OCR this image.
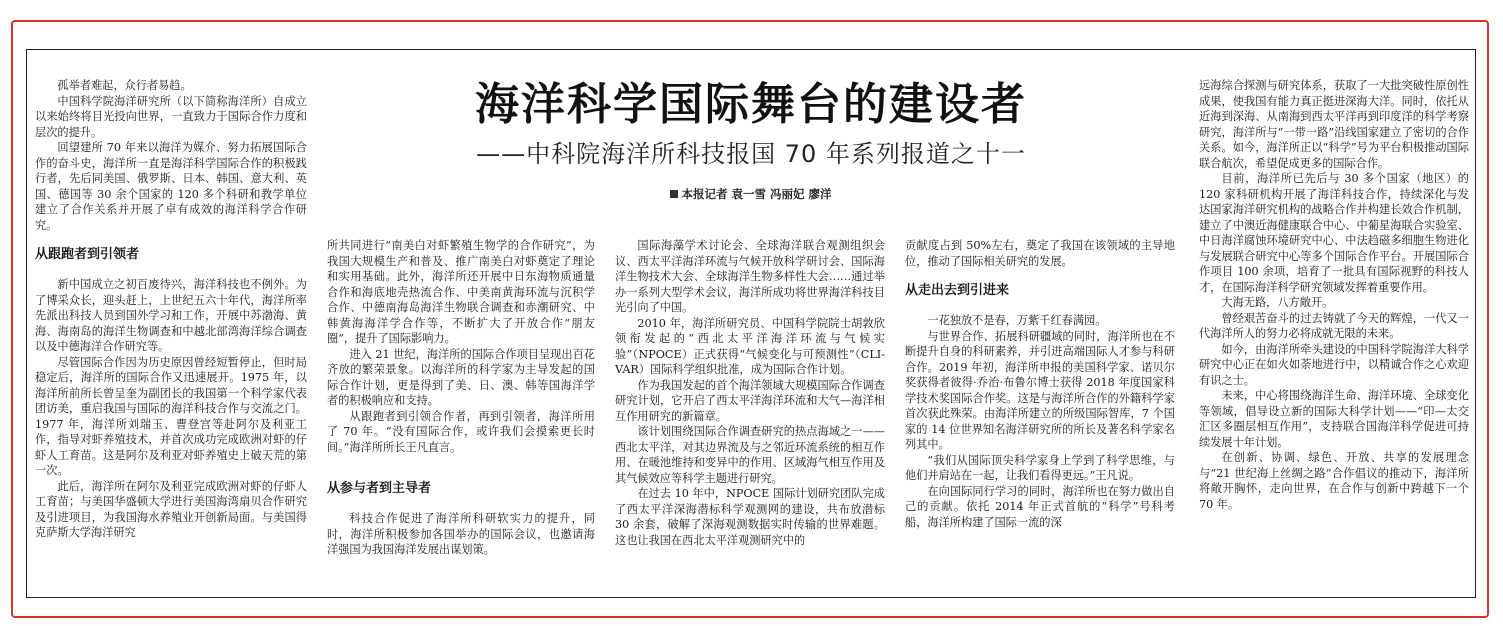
海洋科学国际舞台的建设者
——中科院海洋所科技报国 70 年系列报道之十一
本报记者 袁一雪 冯丽妃 廖洋

孤举者难起，众行者易趋。

中国科学院海洋研究所（以下简称海洋所）自成立以来始终将目光投向世界，一直致力于国际合作力度和层次的提升。

回望建所 70 年来以海洋为媒介、努力拓展国际合作的奋斗史，海洋所一直是海洋科学国际合作的积极践行者，先后同美国、俄罗斯、日本、韩国、意大利、英国、德国等 30 余个国家的 120 多个科研和教学单位建立了合作关系并开展了卓有成效的海洋科学合作研究。

从跟跑者到引领者

新中国成立之初百废待兴，海洋科技也不例外。为了博采众长，迎头赶上，上世纪五六十年代，海洋所率先派出科技人员到国外学习和工作，开展中苏渤海、黄海、海南岛的海洋生物调查和中越北部湾海洋综合调查以及中德海洋合作研究等。

尽管国际合作因为历史原因曾经短暂停止，但时局稳定后，海洋所的国际合作又迅速展开。1975 年，以海洋所前所长曾呈奎为副团长的我国第一个科学家代表团访美，重启我国与国际的海洋科技合作与交流之门。1977 年，海洋所刘瑞玉、曹登宫等赴阿尔及利亚工作，指导对虾养殖技术，并首次成功完成欧洲对虾的仔虾人工育苗。这是阿尔及利亚对虾养殖史上破天荒的第一次。

此后，海洋所在阿尔及利亚完成欧洲对虾的仔虾人工育苗；与美国华盛顿大学进行美国海湾扇贝合作研究及引进项目，为我国海水养殖业开创新局面。与美国得克萨斯大学海洋研究

所共同进行“南美白对虾繁殖生物学的合作研究”，为我国大规模生产和普及、推广南美白对虾奠定了理论和实用基础。此外，海洋所还开展中日东海物质通量合作和海底地壳热流合作、中美南黄海环流与沉积学合作、中德南海岛海洋生物联合调查和赤潮研究、中韩黄海海洋学合作等，不断扩大了开放合作“朋友圈”，提升了国际影响力。

进入 21 世纪，海洋所的国际合作项目呈现出百花齐放的繁荣景象。以海洋所的科学家为主导发起的国际合作计划，更是得到了美、日、澳、韩等国海洋学者的积极响应和支持。

从跟跑者到引领合作者，再到引领者，海洋所用了 70 年。“没有国际合作，或许我们会摸索更长时间。”海洋所所长王凡直言。

从参与者到主导者

科技合作促进了海洋所科研软实力的提升，同时，海洋所积极参加各国举办的国际会议，也邀请海洋强国为我国海洋发展出谋划策。

国际海藻学术讨论会、全球海洋联合观测组织会议、西太平洋海洋环流与气候开放科学研讨会、国际海洋生物技术大会、全球海洋生物多样性大会……通过举办一系列大型学术会议，海洋所成功将世界海洋科技目光引向了中国。

2010 年，海洋所研究员、中国科学院院士胡敦欣领衔发起的“西北太平洋海洋环流与气候实验”（NPOCE）正式获得“气候变化与可预测性”（CLI-VAR）国际科学组织批准，成为国际合作计划。

作为我国发起的首个海洋领域大规模国际合作调查研究计划，它开启了西太平洋海洋环流和大气—海洋相互作用研究的新篇章。

该计划围绕国际合作调查研究的热点海域之一——西北太平洋，对其边界流及与之邻近环流系统的相互作用、在暖池维持和变异中的作用、区域海气相互作用及其气候效应等科学主题进行研究。

在过去 10 年中，NPOCE 国际计划研究团队完成了西太平洋深海潜标科学观测网的建设，共布放潜标 30 余套，破解了深海观测数据实时传输的世界难题。这也让我国在西北太平洋观测研究中的

贡献度占到 50%左右，奠定了我国在该领域的主导地位，推动了国际相关研究的发展。

从走出去到引进来

一花独放不是春，万紫千红春满园。

与世界合作、拓展科研疆域的同时，海洋所也在不断提升自身的科研素养，并引进高端国际人才参与科研合作。2019 年初，海洋所申报的美国科学家、诺贝尔奖获得者彼得·乔治·布鲁尔博士获得 2018 年度国家科学技术奖国际合作奖。这是与海洋所合作的外籍科学家首次获此殊荣。由海洋所建立的所级国际智库，7 个国家的 14 位世界知名海洋研究所的所长及著名科学家名列其中。

“我们从国际顶尖科学家身上学到了科学思维，与他们并肩站在一起，让我们看得更远。”王凡说。

在向国际同行学习的同时，海洋所也在努力做出自己的贡献。依托 2014 年正式首航的“科学”号科考船，海洋所构建了国际一流的深

远海综合探测与研究体系，获取了一大批突破性原创性成果，使我国有能力真正挺进深海大洋。同时，依托从近海到深海、从南海到西太平洋再到印度洋的科学考察研究，海洋所与“一带一路”沿线国家建立了密切的合作关系。如今，海洋所正以“科学”号为平台积极推动国际联合航次，希望促成更多的国际合作。

目前，海洋所已先后与 30 多个国家（地区）的 120 家科研机构开展了海洋科技合作，持续深化与发达国家海洋研究机构的战略合作并构建长效合作机制，建立了中澳近海健康联合中心、中葡星海联合实验室、中日海洋腐蚀环境研究中心、中法趋磁多细胞生物进化与发展联合研究中心等多个国际合作平台。开展国际合作项目 100 余项，培育了一批具有国际视野的科技人才，在国际海洋科学研究领域发挥着重要作用。

大海无路，八方敞开。

曾经艰苦奋斗的过去铸就了今天的辉煌，一代又一代海洋所人的努力必将成就无限的未来。

如今，由海洋所牵头建设的中国科学院海洋大科学研究中心正在如火如荼地进行中，以精诚合作之心欢迎有识之士。

未来，中心将围绕海洋生命、海洋环境、全球变化等领域，倡导设立新的国际大科学计划——“印—太交汇区多圈层相互作用”，支持联合国海洋科学促进可持续发展十年计划。

在创新、协调、绿色、开放、共享的发展理念与“21 世纪海上丝绸之路”合作倡议的推动下，海洋所将敞开胸怀，走向世界，在合作与创新中跨越下一个 70 年。
